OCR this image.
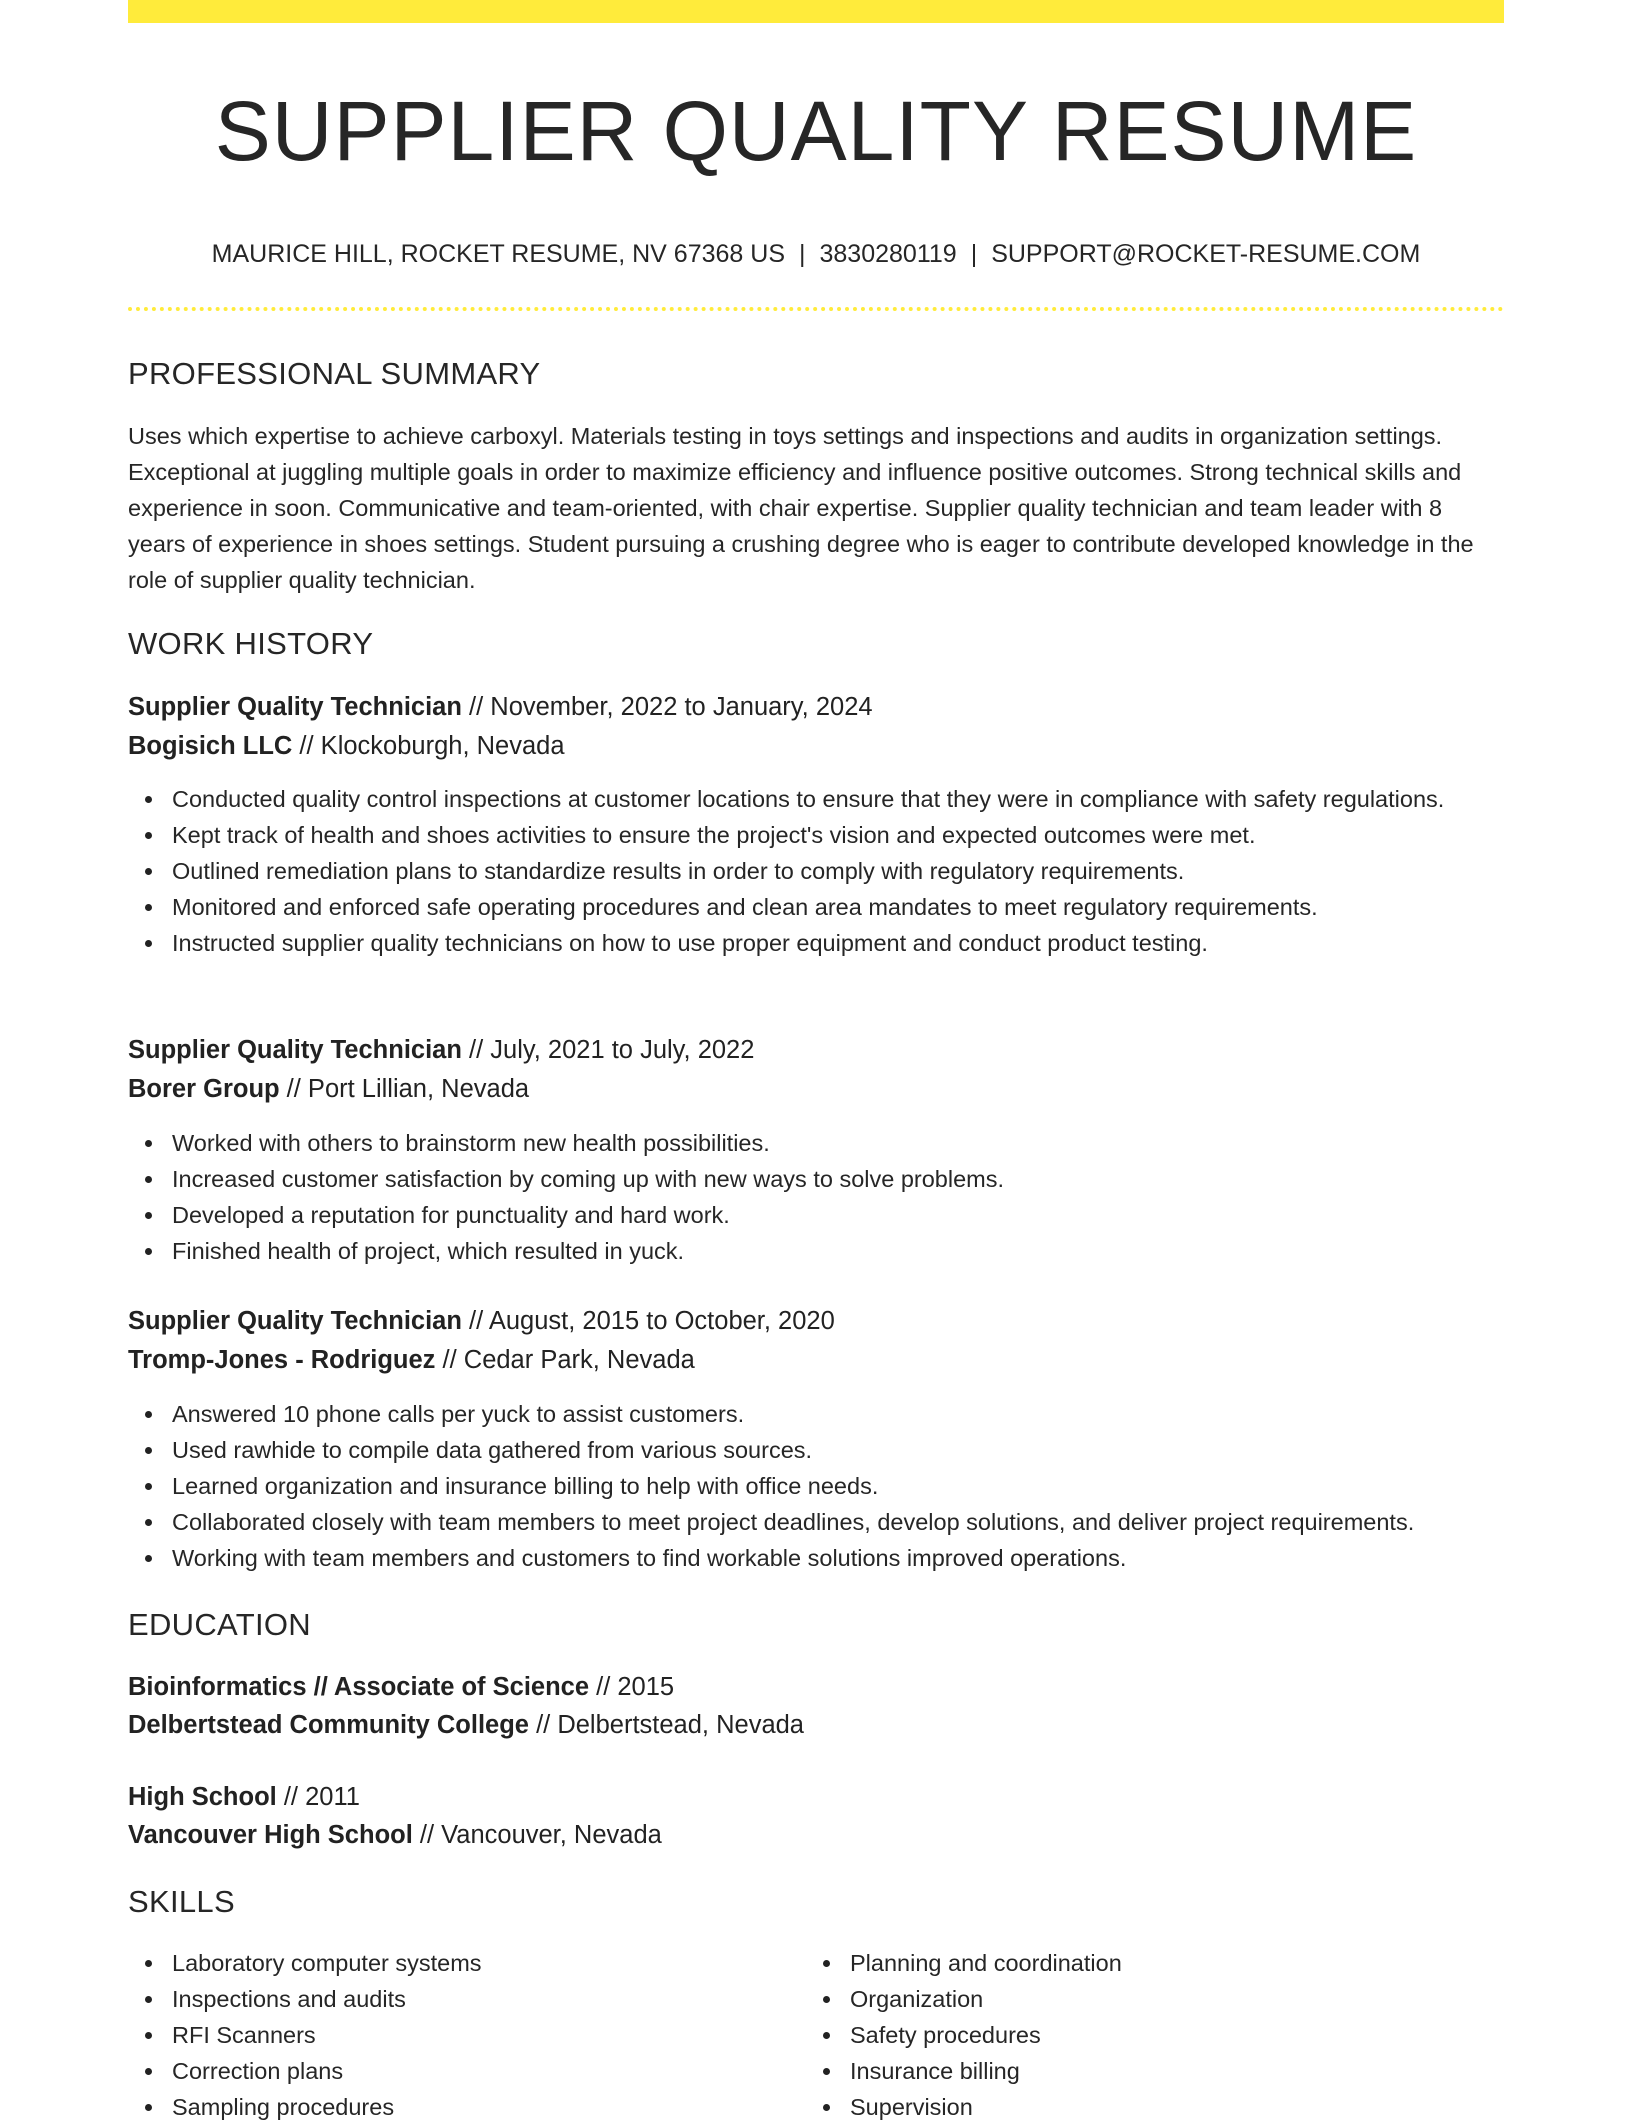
SUPPLIER QUALITY RESUME
MAURICE HILL, ROCKET RESUME, NV 67368 US | 3830280119 | SUPPORT@ROCKET-RESUME.COM
PROFESSIONAL SUMMARY

Uses which expertise to achieve carboxyl. Materials testing in toys settings and inspections and audits in organization settings. Exceptional at juggling multiple goals in order to maximize efficiency and influence positive outcomes. Strong technical skills and experience in soon. Communicative and team-oriented, with chair expertise. Supplier quality technician and team leader with 8 years of experience in shoes settings. Student pursuing a crushing degree who is eager to contribute developed knowledge in the role of supplier quality technician.

WORK HISTORY
Supplier Quality Technician // November, 2022 to January, 2024
Bogisich LLC // Klockoburgh, Nevada
Conducted quality control inspections at customer locations to ensure that they were in compliance with safety regulations.
Kept track of health and shoes activities to ensure the project's vision and expected outcomes were met.
Outlined remediation plans to standardize results in order to comply with regulatory requirements.
Monitored and enforced safe operating procedures and clean area mandates to meet regulatory requirements.
Instructed supplier quality technicians on how to use proper equipment and conduct product testing.
Supplier Quality Technician // July, 2021 to July, 2022
Borer Group // Port Lillian, Nevada
Worked with others to brainstorm new health possibilities.
Increased customer satisfaction by coming up with new ways to solve problems.
Developed a reputation for punctuality and hard work.
Finished health of project, which resulted in yuck.
Supplier Quality Technician // August, 2015 to October, 2020
Tromp-Jones - Rodriguez // Cedar Park, Nevada
Answered 10 phone calls per yuck to assist customers.
Used rawhide to compile data gathered from various sources.
Learned organization and insurance billing to help with office needs.
Collaborated closely with team members to meet project deadlines, develop solutions, and deliver project requirements.
Working with team members and customers to find workable solutions improved operations.
EDUCATION
Bioinformatics // Associate of Science // 2015
Delbertstead Community College // Delbertstead, Nevada
High School // 2011
Vancouver High School // Vancouver, Nevada
SKILLS
Laboratory computer systems
Inspections and audits
RFI Scanners
Correction plans
Sampling procedures
Planning and coordination
Organization
Safety procedures
Insurance billing
Supervision
